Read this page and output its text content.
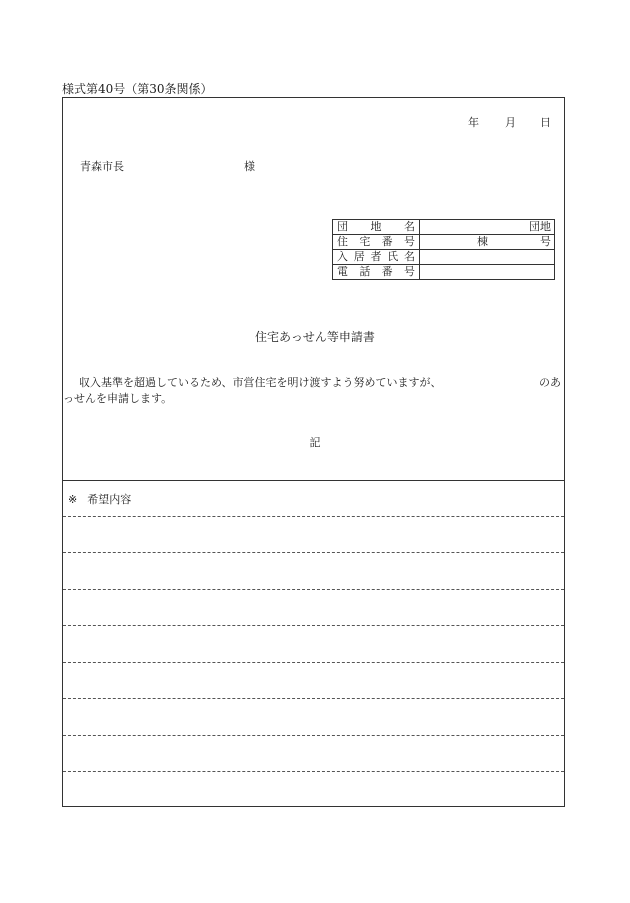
様式第40号（第30条関係）
年 月 日
青森市長	様
団 地 名	団地

住 宅 番 号	棟 号

入 居 者 氏 名	

電 話 番 号	

住宅あっせん等申請書
収入基準を超過しているため、市営住宅を明け渡すよう努めていますが、	のあ
っせんを申請します。
記
※ 希望内容
